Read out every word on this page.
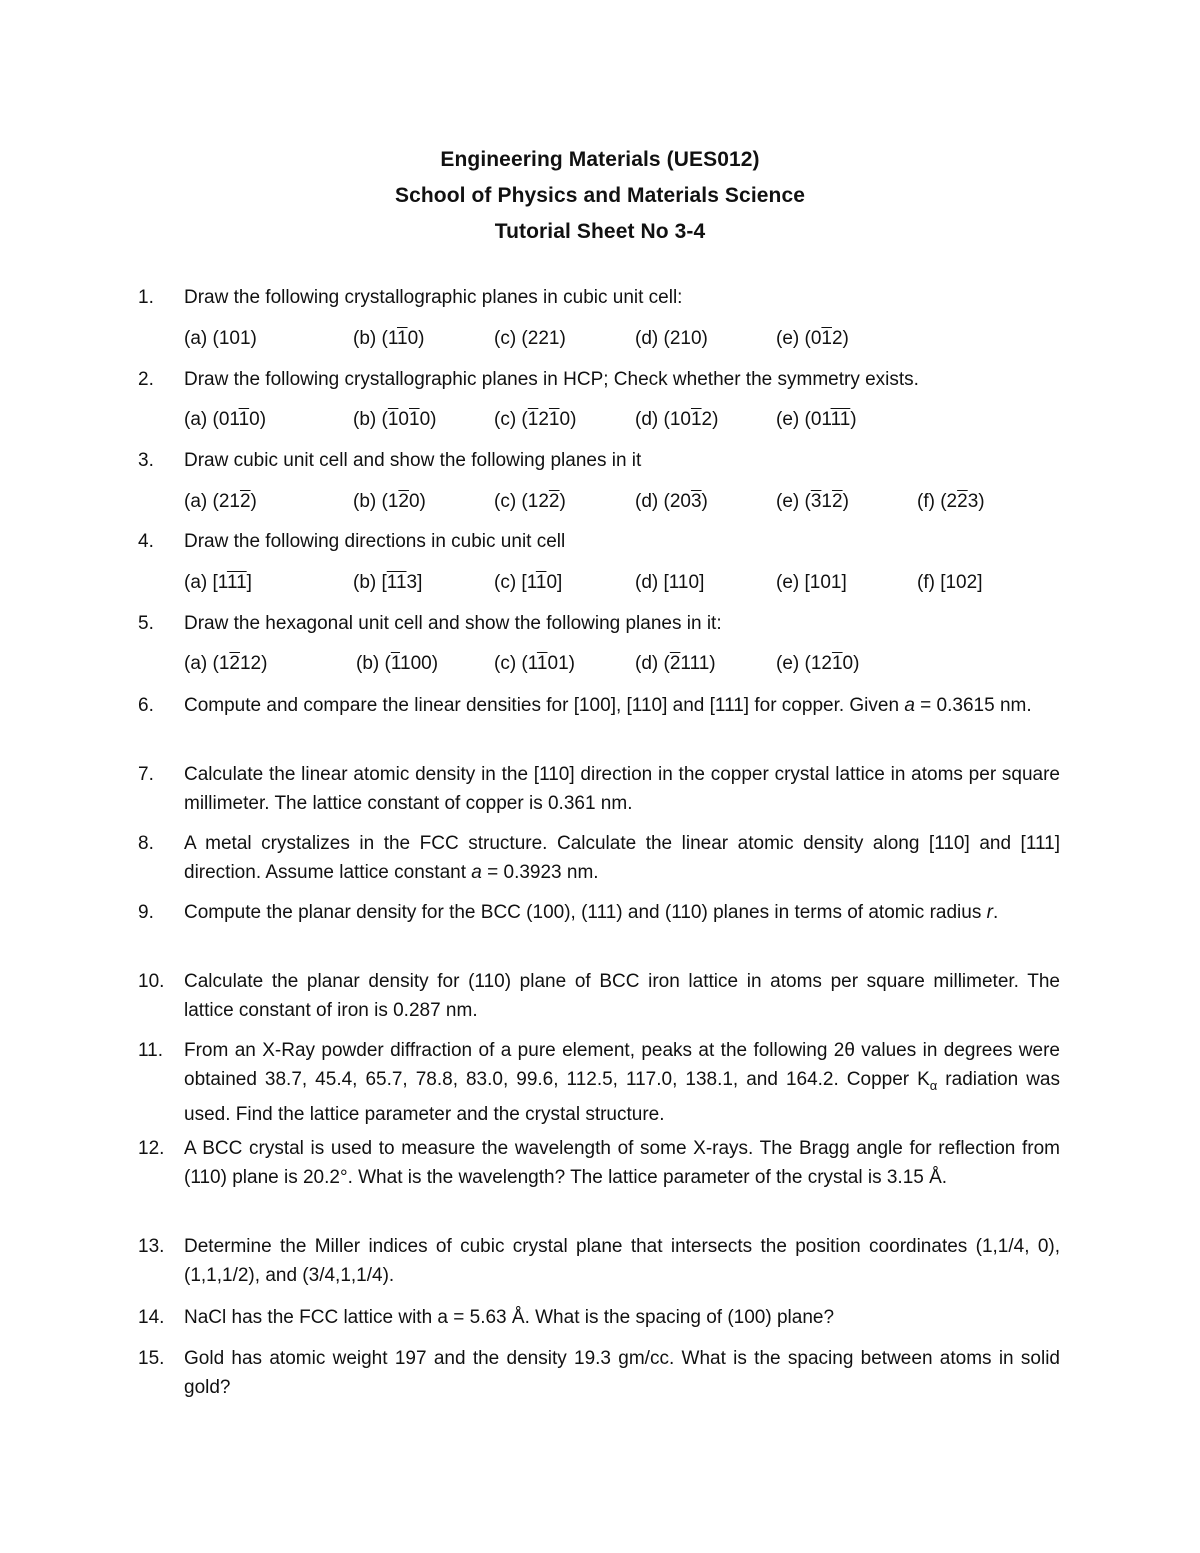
Engineering Materials (UES012)
School of Physics and Materials Science
Tutorial Sheet No 3-4
1.	Draw the following crystallographic planes in cubic unit cell:
(a) (101)	(b) (110)	(c) (221)	(d) (210)	(e) (012)
2.	Draw the following crystallographic planes in HCP; Check whether the symmetry exists.
(a) (0110)	(b) (1010)	(c) (1210)	(d) (1012)	(e) (0111)
3.	Draw cubic unit cell and show the following planes in it
(a) (212)	(b) (120)	(c) (122)	(d) (203)	(e) (312)	(f) (223)
4.	Draw the following directions in cubic unit cell
(a) [111]	(b) [113]	(c) [110]	(d) [110]	(e) [101]	(f) [102]
5.	Draw the hexagonal unit cell and show the following planes in it:
(a) (1212)	(b) (1100)	(c) (1101)	(d) (2111)	(e) (1210)
6.	Compute and compare the linear densities for [100], [110] and [111] for copper. Given a = 0.3615 nm.
7.	Calculate the linear atomic density in the [110] direction in the copper crystal lattice in atoms per square millimeter. The lattice constant of copper is 0.361 nm.
8.	A metal crystalizes in the FCC structure. Calculate the linear atomic density along [110] and [111] direction. Assume lattice constant a = 0.3923 nm.
9.	Compute the planar density for the BCC (100), (111) and (110) planes in terms of atomic radius r.
10.	Calculate the planar density for (110) plane of BCC iron lattice in atoms per square millimeter. The lattice constant of iron is 0.287 nm.
11.	From an X-Ray powder diffraction of a pure element, peaks at the following 2θ values in degrees were obtained 38.7, 45.4, 65.7, 78.8, 83.0, 99.6, 112.5, 117.0, 138.1, and 164.2. Copper $K_\alpha$ radiation was used. Find the lattice parameter and the crystal structure.
12.	A BCC crystal is used to measure the wavelength of some X-rays. The Bragg angle for reflection from (110) plane is 20.2°. What is the wavelength? The lattice parameter of the crystal is 3.15 Å.
13.	Determine the Miller indices of cubic crystal plane that intersects the position coordinates (1,1/4, 0), (1,1,1/2), and (3/4,1,1/4).
14.	NaCl has the FCC lattice with a = 5.63 Å. What is the spacing of (100) plane?
15.	Gold has atomic weight 197 and the density 19.3 gm/cc. What is the spacing between atoms in solid gold?
